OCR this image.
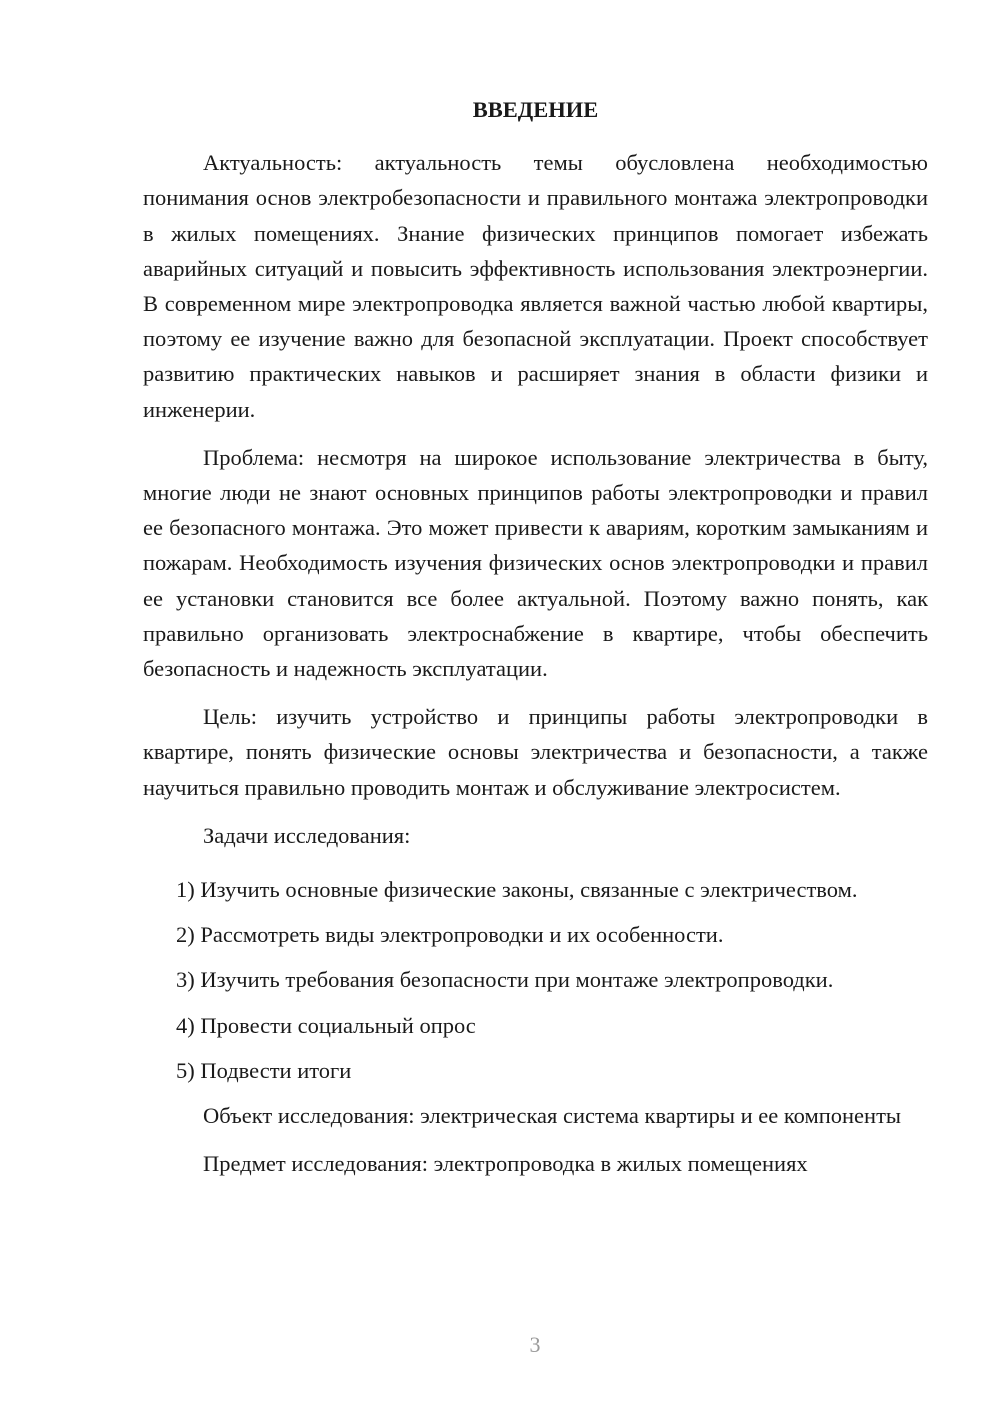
ВВЕДЕНИЕ

Актуальность: актуальность темы обусловлена необходимостью понимания основ электробезопасности и правильного монтажа электропроводки в жилых помещениях. Знание физических принципов помогает избежать аварийных ситуаций и повысить эффективность использования электроэнергии. В современном мире электропроводка является важной частью любой квартиры, поэтому ее изучение важно для безопасной эксплуатации. Проект способствует развитию практических навыков и расширяет знания в области физики и инженерии.

Проблема: несмотря на широкое использование электричества в быту, многие люди не знают основных принципов работы электропроводки и правил ее безопасного монтажа. Это может привести к авариям, коротким замыканиям и пожарам. Необходимость изучения физических основ электропроводки и правил ее установки становится все более актуальной. Поэтому важно понять, как правильно организовать электроснабжение в квартире, чтобы обеспечить безопасность и надежность эксплуатации.

Цель: изучить устройство и принципы работы электропроводки в квартире, понять физические основы электричества и безопасности, а также научиться правильно проводить монтаж и обслуживание электросистем.

Задачи исследования:

1) Изучить основные физические законы, связанные с электричеством.
2) Рассмотреть виды электропроводки и их особенности.
3) Изучить требования безопасности при монтаже электропроводки.
4) Провести социальный опрос
5) Подвести итоги

Объект исследования: электрическая система квартиры и ее компоненты

Предмет исследования: электропроводка в жилых помещениях

3
